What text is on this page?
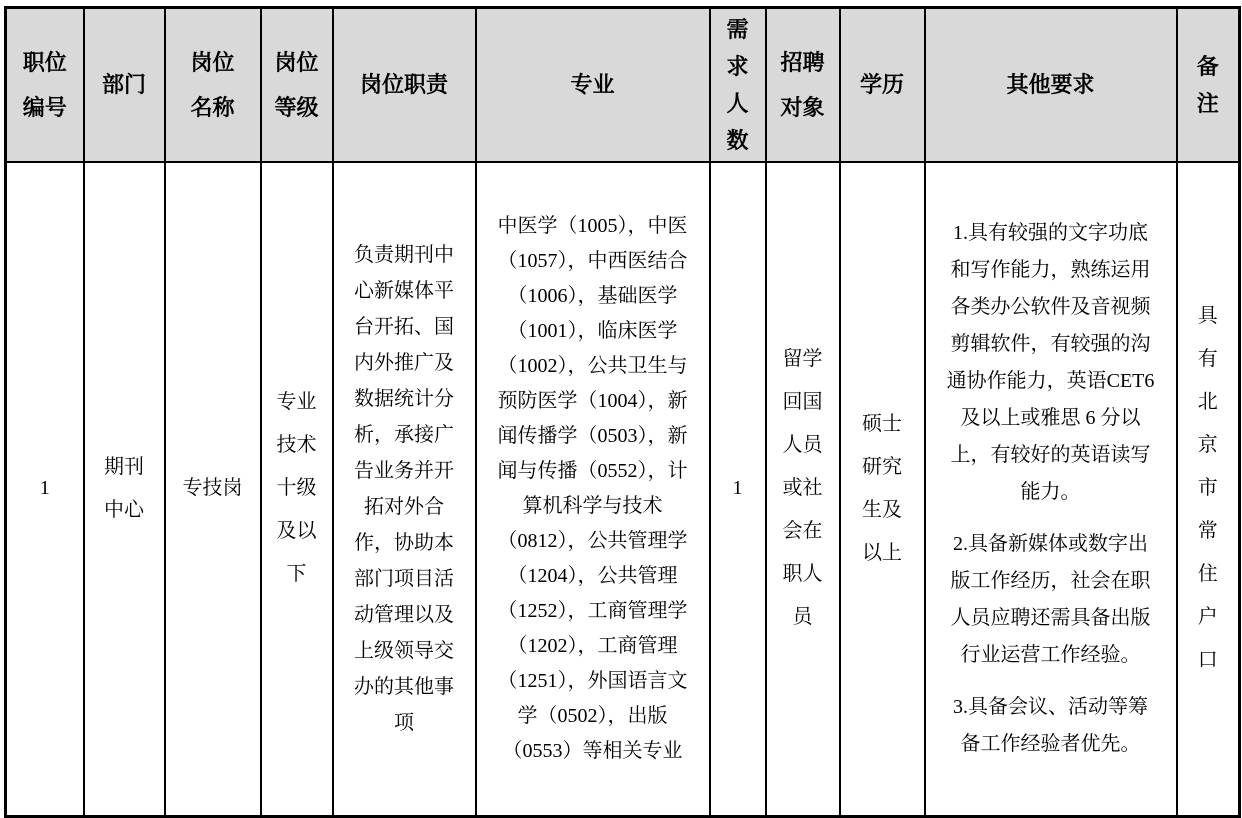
职位编号	部门	岗位名称	岗位等级	岗位职责	专业	需求人数	招聘对象	学历	其他要求	备注
1	期刊中心	专技岗	专业技术十级及以下	负责期刊中心新媒体平台开拓、国内外推广及数据统计分析，承接广告业务并开拓对外合作，协助本部门项目活动管理以及上级领导交办的其他事项	中医学（1005），中医（1057），中西医结合（1006），基础医学（1001），临床医学（1002），公共卫生与预防医学（1004），新闻传播学（0503），新闻与传播（0552），计算机科学与技术（0812），公共管理学（1204），公共管理（1252），工商管理学（1202），工商管理（1251），外国语言文学（0502），出版（0553）等相关专业	1	留学回国人员或社会在职人员	硕士研究生及以上	1.具有较强的文字功底和写作能力，熟练运用各类办公软件及音视频剪辑软件，有较强的沟通协作能力，英语CET6 及以上或雅思 6 分以上，有较好的英语读写能力。

2.具备新媒体或数字出版工作经历，社会在职人员应聘还需具备出版行业运营工作经验。

3.具备会议、活动等筹备工作经验者优先。	具有北京市常住户口
